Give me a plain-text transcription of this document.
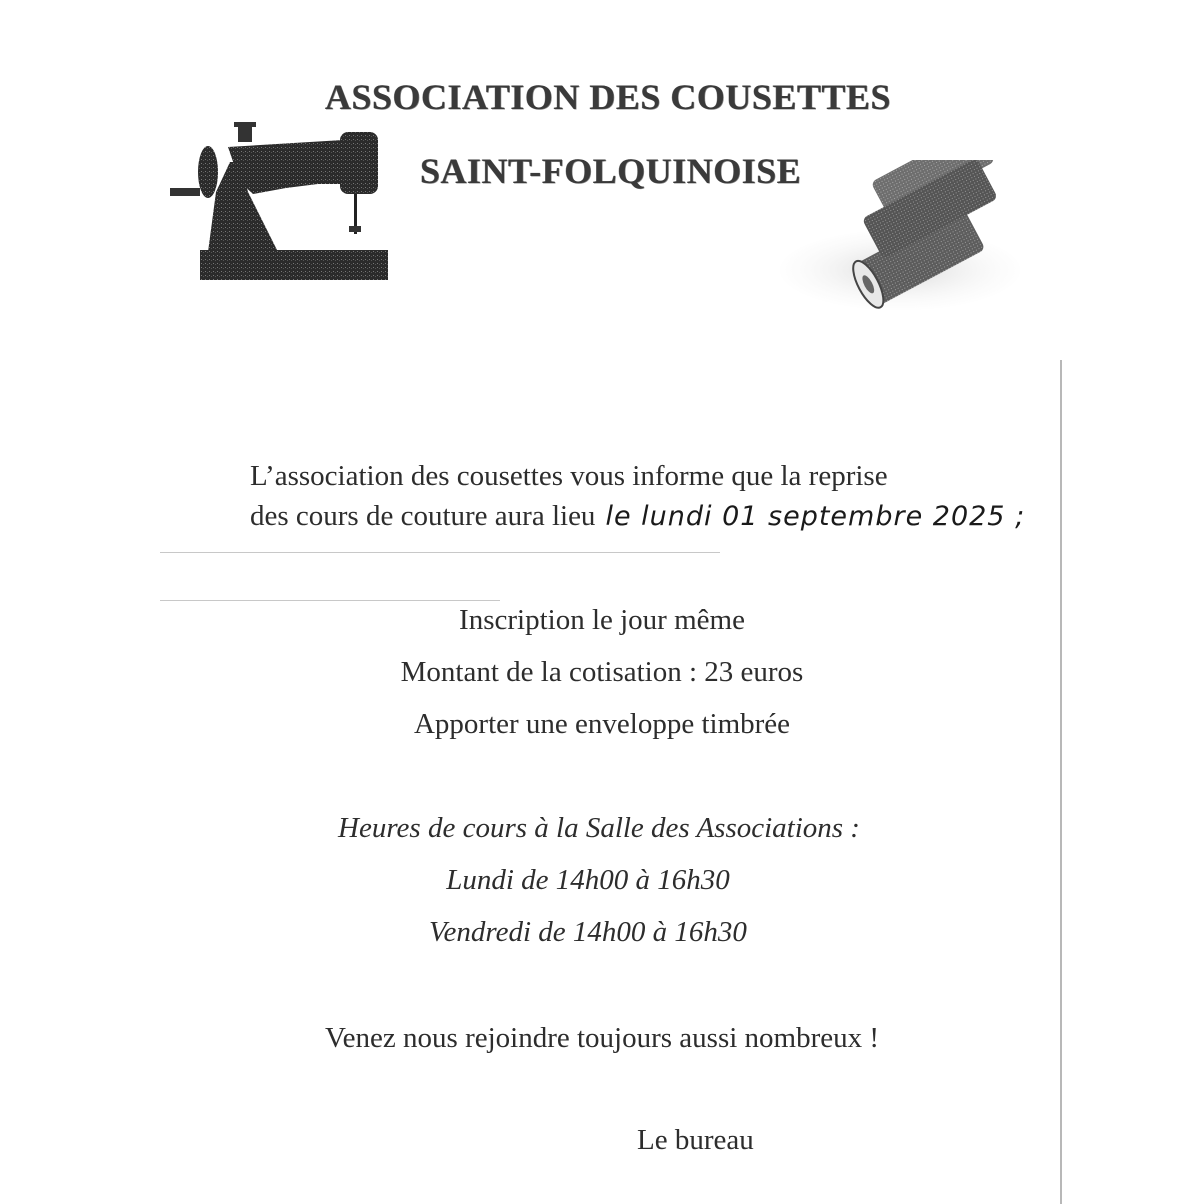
ASSOCIATION DES COUSETTES
SAINT-FOLQUINOISE
L’association des cousettes vous informe que la reprise
des cours de couture aura lieu le lundi 01 septembre 2025 ;
Inscription le jour même
Montant de la cotisation : 23 euros
Apporter une enveloppe timbrée
Heures de cours à la Salle des Associations :
Lundi de 14h00 à 16h30
Vendredi de 14h00 à 16h30
Venez nous rejoindre toujours aussi nombreux !
Le bureau
